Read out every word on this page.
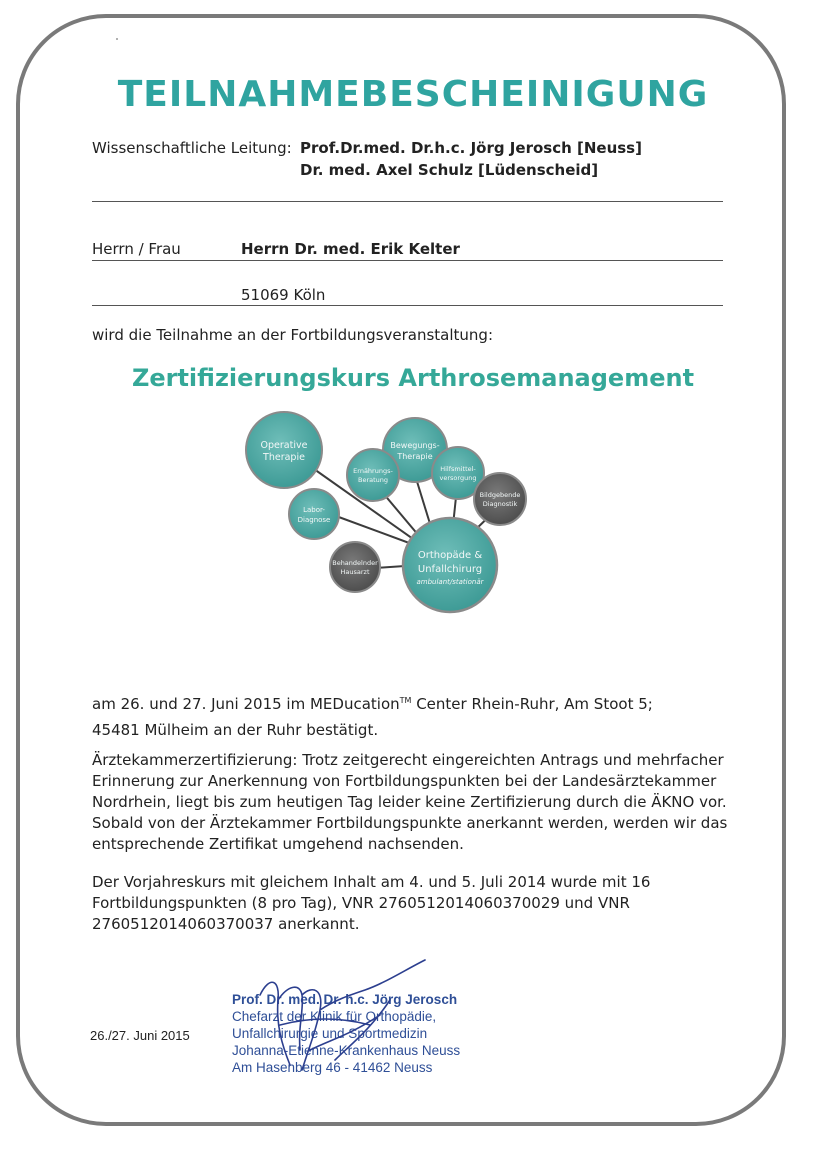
TEILNAHMEBESCHEINIGUNG
Wissenschaftliche Leitung: Prof.Dr.med. Dr.h.c. Jörg Jerosch [Neuss]
Dr. med. Axel Schulz [Lüdenscheid]
Herrn / Frau	Herrn Dr. med. Erik Kelter
51069 Köln
wird die Teilnahme an der Fortbildungsveranstaltung:
Zertifizierungskurs Arthrosemanagement
Operative
Therapie
Bewegungs-
Therapie
Ernährungs-
Beratung
Hilfsmittel-
versorgung
Bildgebende
Diagnostik
Labor-
Diagnose
Behandelnder
Hausarzt
Orthopäde &
Unfallchirurg
ambulant/stationär
am 26. und 27. Juni 2015 im MEDucation™ Center Rhein-Ruhr, Am Stoot 5;
45481 Mülheim an der Ruhr bestätigt.
Ärztekammerzertifizierung: Trotz zeitgerecht eingereichten Antrags und mehrfacher Erinnerung zur Anerkennung von Fortbildungspunkten bei der Landesärztekammer Nordrhein, liegt bis zum heutigen Tag leider keine Zertifizierung durch die ÄKNO vor. Sobald von der Ärztekammer Fortbildungspunkte anerkannt werden, werden wir das entsprechende Zertifikat umgehend nachsenden.
Der Vorjahreskurs mit gleichem Inhalt am 4. und 5. Juli 2014 wurde mit 16 Fortbildungspunkten (8 pro Tag), VNR 2760512014060370029 und VNR 2760512014060370037 anerkannt.
26./27. Juni 2015
Prof. Dr. med. Dr. h.c. Jörg Jerosch
Chefarzt der Klinik für Orthopädie,
Unfallchirurgie und Sportmedizin
Johanna-Etienne-Krankenhaus Neuss
Am Hasenberg 46 - 41462 Neuss
